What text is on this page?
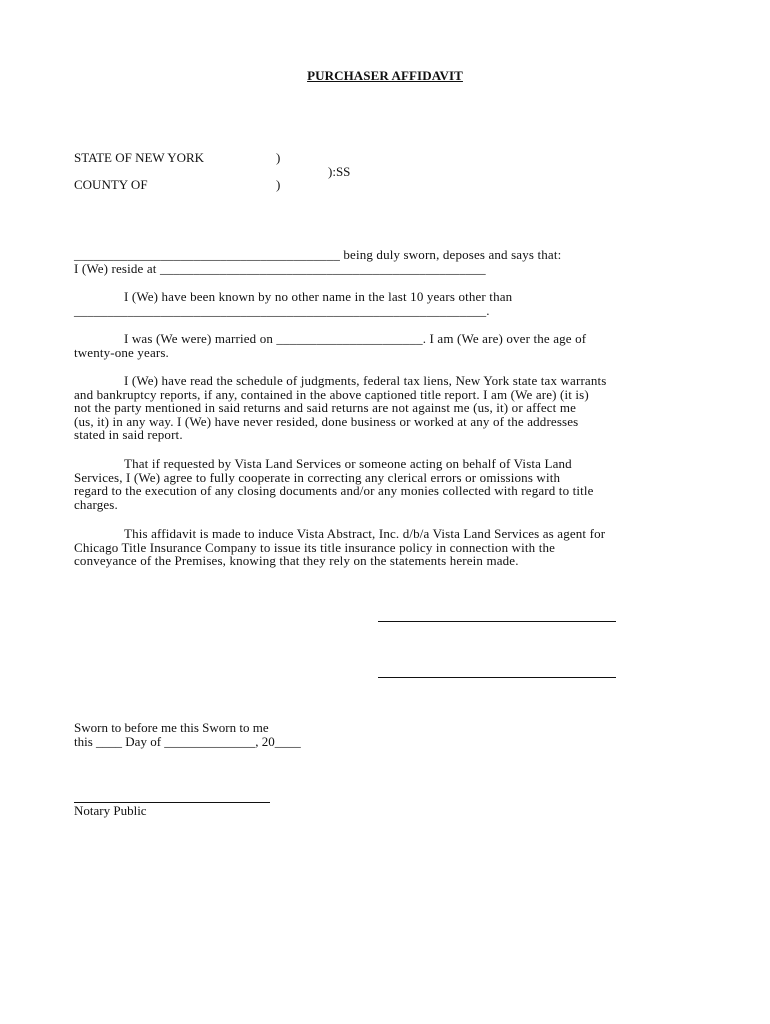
PURCHASER AFFIDAVIT
STATE OF NEW YORK	)
):SS
COUNTY OF	)

________________________________________ being duly sworn, deposes and says that:

I (We) reside at _________________________________________________

I (We) have been known by no other name in the last 10 years other than

______________________________________________________________.

I was (We were) married on ______________________. I am (We are) over the age of

twenty-one years.

I (We) have read the schedule of judgments, federal tax liens, New York state tax warrants

and bankruptcy reports, if any, contained in the above captioned title report. I am (We are) (it is)

not the party mentioned in said returns and said returns are not against me (us, it) or affect me

(us, it) in any way. I (We) have never resided, done business or worked at any of the addresses

stated in said report.

That if requested by Vista Land Services or someone acting on behalf of Vista Land

Services, I (We) agree to fully cooperate in correcting any clerical errors or omissions with

regard to the execution of any closing documents and/or any monies collected with regard to title

charges.

This affidavit is made to induce Vista Abstract, Inc. d/b/a Vista Land Services as agent for

Chicago Title Insurance Company to issue its title insurance policy in connection with the

conveyance of the Premises, knowing that they rely on the statements herein made.

Sworn to before me this Sworn to me
this ____ Day of ______________, 20____
Notary Public
